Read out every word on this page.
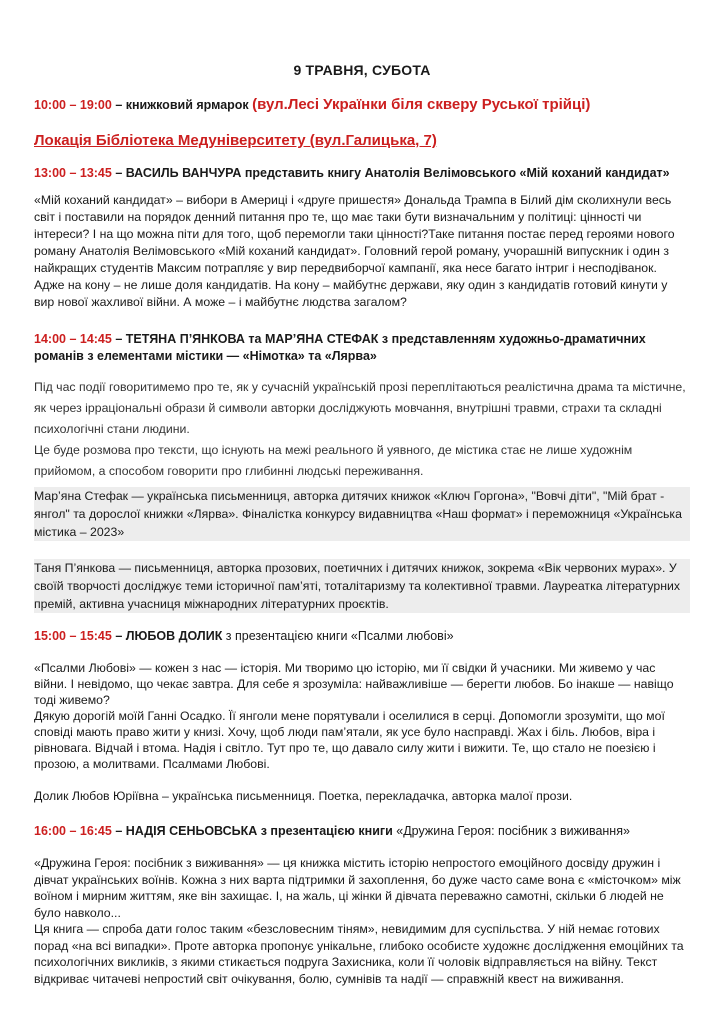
9 ТРАВНЯ, СУБОТА
10:00 – 19:00 – книжковий ярмарок (вул.Лесі Українки біля скверу Руської трійці)
Локація Бібліотека Медуніверситету (вул.Галицька, 7)
13:00 – 13:45 – ВАСИЛЬ ВАНЧУРА представить книгу Анатолія Велімовського «Мій коханий кандидат»

«Мій коханий кандидат» – вибори в Америці і «друге пришестя» Дональда Трампа в Білий дім сколихнули весь світ і поставили на порядок денний питання про те, що має таки бути визначальним у політиці: цінності чи інтереси? І на що можна піти для того, щоб перемогли таки цінності?Таке питання постає перед героями нового роману Анатолія Велімовського «Мій коханий кандидат». Головний герой роману, учорашній випускник і один з найкращих студентів Максим потрапляє у вир передвиборчої кампанії, яка несе багато інтриг і несподіванок. Адже на кону – не лише доля кандидатів. На кону – майбутнє держави, яку один з кандидатів готовий кинути у вир нової жахливої війни. А може – і майбутнє людства загалом?

14:00 – 14:45 – ТЕТЯНА П’ЯНКОВА та МАР’ЯНА СТЕФАК з представленням художньо-драматичних романів з елементами містики — «Німотка» та «Лярва»

Під час події говоритимемо про те, як у сучасній українській прозі переплітаються реалістична драма та містичне, як через ірраціональні образи й символи авторки досліджують мовчання, внутрішні травми, страхи та складні психологічні стани людини.

Це буде розмова про тексти, що існують на межі реального й уявного, де містика стає не лише художнім прийомом, а способом говорити про глибинні людські переживання.

Мар’яна Стефак — українська письменниця, авторка дитячих книжок «Ключ Горгона», "Вовчі діти", "Мій брат - янгол" та дорослої книжки «Лярва». Фіналістка конкурсу видавництва «Наш формат» і переможниця «Українська містика – 2023»

Таня П’янкова — письменниця, авторка прозових, поетичних і дитячих книжок, зокрема «Вік червоних мурах». У своїй творчості досліджує теми історичної пам’яті, тоталітаризму та колективної травми. Лауреатка літературних премій, активна учасниця міжнародних літературних проєктів.

15:00 – 15:45 – ЛЮБОВ ДОЛИК з презентацією книги «Псалми любові»

«Псалми Любові» — кожен з нас — історія. Ми творимо цю історію, ми її свідки й учасники. Ми живемо у час війни. І невідомо, що чекає завтра. Для себе я зрозуміла: найважливіше — берегти любов. Бо інакше — навіщо тоді живемо?

Дякую дорогій моїй Ганні Осадко. Її янголи мене порятували і оселилися в серці. Допомогли зрозуміти, що мої сповіді мають право жити у книзі. Хочу, щоб люди пам’ятали, як усе було насправді. Жах і біль. Любов, віра і рівновага. Відчай і втома. Надія і світло. Тут про те, що давало силу жити і вижити. Те, що стало не поезією і прозою, а молитвами. Псалмами Любові.

Долик Любов Юріївна – українська письменниця. Поетка, перекладачка, авторка малої прози.

16:00 – 16:45 – НАДІЯ СЕНЬОВСЬКА з презентацією книги «Дружина Героя: посібник з виживання»

«Дружина Героя: посібник з виживання» — ця книжка містить історію непростого емоційного досвіду дружин і дівчат українських воїнів. Кожна з них варта підтримки й захоплення, бо дуже часто саме вона є «місточком» між воїном і мирним життям, яке він захищає. І, на жаль, ці жінки й дівчата переважно самотні, скільки б людей не було навколо...

Ця книга — спроба дати голос таким «безсловесним тіням», невидимим для суспільства. У ній немає готових порад «на всі випадки». Проте авторка пропонує унікальне, глибоко особисте художнє дослідження емоційних та психологічних викликів, з якими стикається подруга Захисника, коли її чоловік відправляється на війну. Текст відкриває читачеві непростий світ очікування, болю, сумнівів та надії — справжній квест на виживання.
